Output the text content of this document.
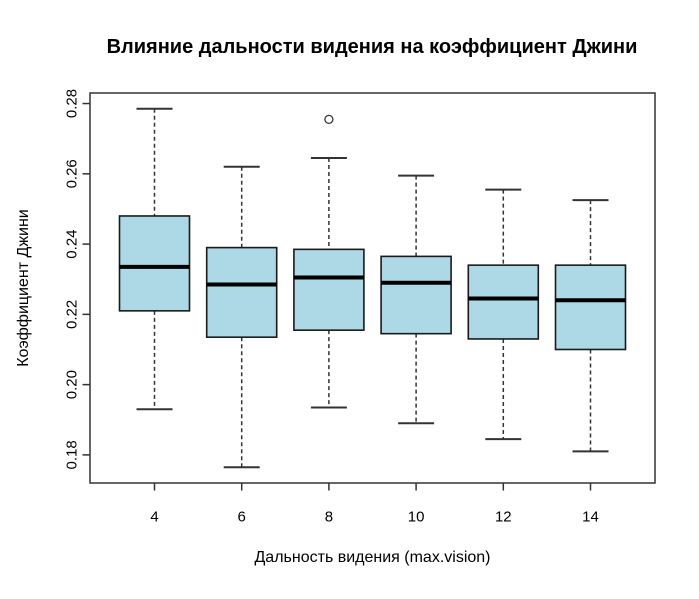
Влияние дальности видения на коэффициент Джини
Коэффициент Джини
0.18
0.20
0.22
0.24
0.26
0.28
4	6	8	10	12	14
Дальность видения (max.vision)
